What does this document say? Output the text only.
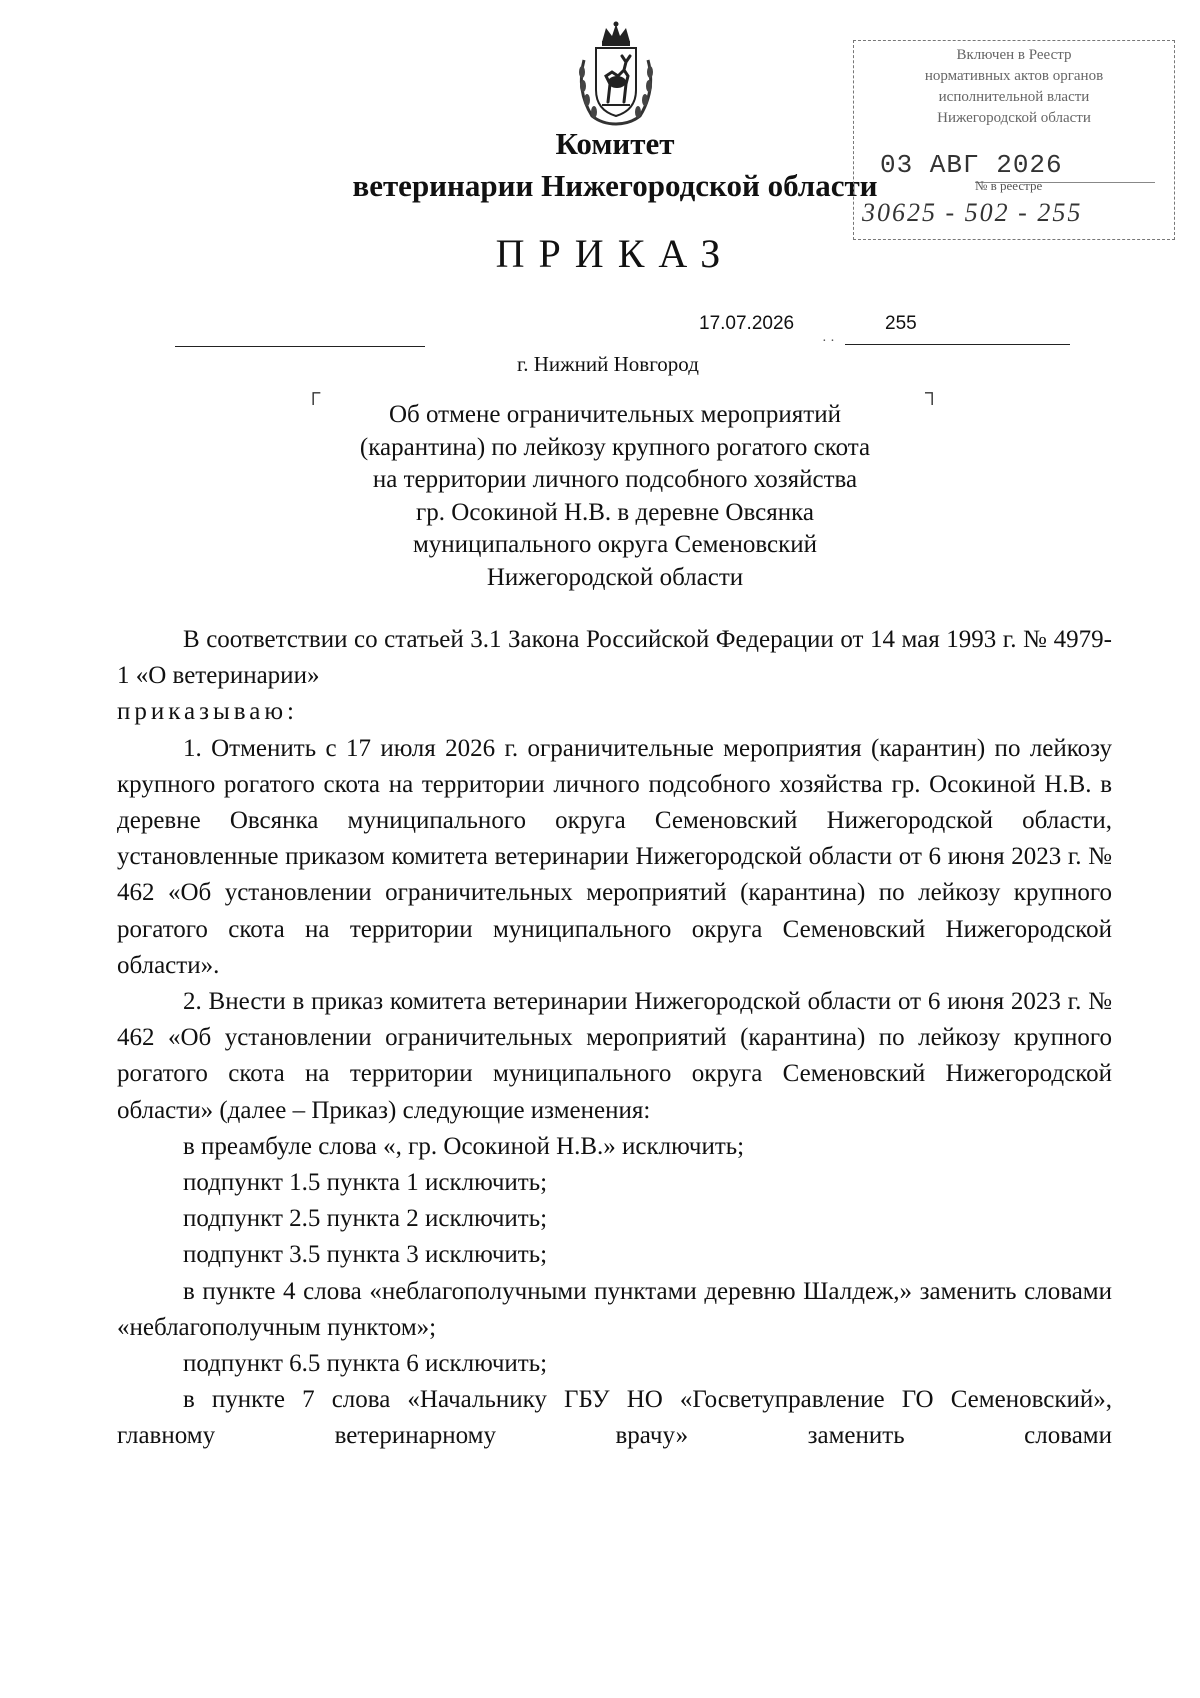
Комитет
ветеринарии Нижегородской области
ПРИКАЗ
17.07.2026
· ·
255
г. Нижний Новгород
┌	┐
Об отмене ограничительных мероприятий
(карантина) по лейкозу крупного рогатого скота
на территории личного подсобного хозяйства
гр. Осокиной Н.В. в деревне Овсянка
муниципального округа Семеновский
Нижегородской области
Включен в Реестр
нормативных актов органов
исполнительной власти
Нижегородской области
03 АВГ 2026
№ в реестре
30625 - 502 - 255

В соответствии со статьей 3.1 Закона Российской Федерации от 14 мая 1993 г. № 4979-1 «О ветеринарии»

приказываю:

1. Отменить с 17 июля 2026 г. ограничительные мероприятия (карантин) по лейкозу крупного рогатого скота на территории личного подсобного хозяйства гр. Осокиной Н.В. в деревне Овсянка муниципального округа Семеновский Нижегородской области, установленные приказом комитета ветеринарии Нижегородской области от 6 июня 2023 г. № 462 «Об установлении ограничительных мероприятий (карантина) по лейкозу крупного рогатого скота на территории муниципального округа Семеновский Нижегородской области».

2. Внести в приказ комитета ветеринарии Нижегородской области от 6 июня 2023 г. № 462 «Об установлении ограничительных мероприятий (карантина) по лейкозу крупного рогатого скота на территории муниципального округа Семеновский Нижегородской области» (далее – Приказ) следующие изменения:

в преамбуле слова «, гр. Осокиной Н.В.» исключить;

подпункт 1.5 пункта 1 исключить;

подпункт 2.5 пункта 2 исключить;

подпункт 3.5 пункта 3 исключить;

в пункте 4 слова «неблагополучными пунктами деревню Шалдеж,» заменить словами «неблагополучным пунктом»;

подпункт 6.5 пункта 6 исключить;

в пункте 7 слова «Начальнику ГБУ НО «Госветуправление ГО Семеновский», главному ветеринарному врачу» заменить словами
